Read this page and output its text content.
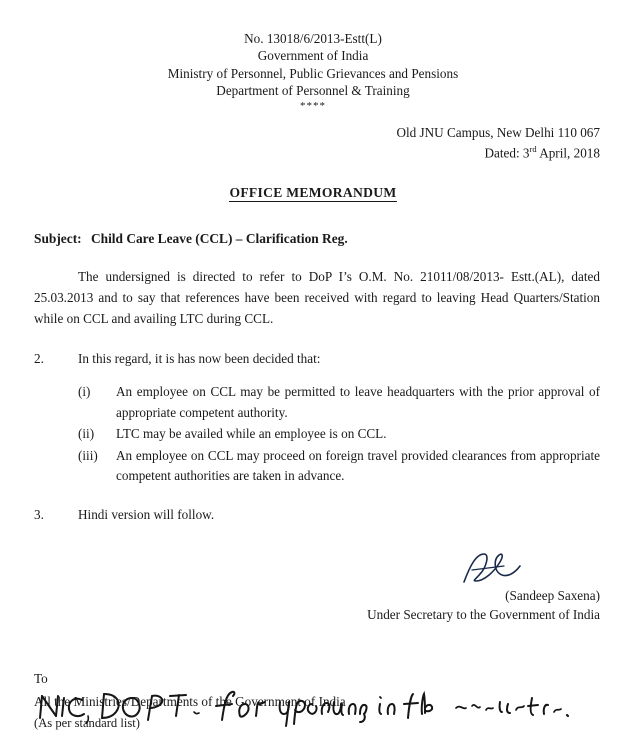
No. 13018/6/2013-Estt(L)
Government of India
Ministry of Personnel, Public Grievances and Pensions
Department of Personnel & Training
****
Old JNU Campus, New Delhi 110 067
Dated: 3rd April, 2018
OFFICE MEMORANDUM
Subject: Child Care Leave (CCL) – Clarification Reg.

The undersigned is directed to refer to DoP I’s O.M. No. 21011/08/2013- Estt.(AL), dated 25.03.2013 and to say that references have been received with regard to leaving Head Quarters/Station while on CCL and availing LTC during CCL.

2.	In this regard, it is has now been decided that:
(i)	An employee on CCL may be permitted to leave headquarters with the prior approval of appropriate competent authority.
(ii)	LTC may be availed while an employee is on CCL.
(iii)	An employee on CCL may proceed on foreign travel provided clearances from appropriate competent authorities are taken in advance.
3.	Hindi version will follow.
(Sandeep Saxena)
Under Secretary to the Government of India
To
All the Ministries/Departments of the Government of India
(As per standard list)
